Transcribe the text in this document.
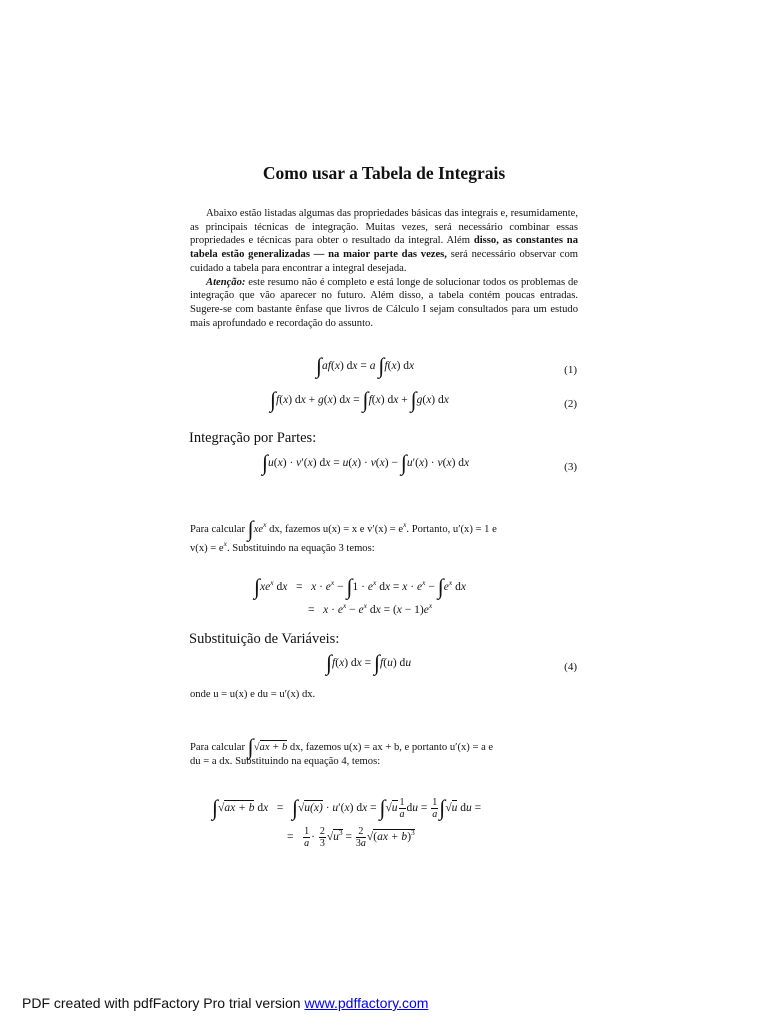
Como usar a Tabela de Integrais

Abaixo estão listadas algumas das propriedades básicas das integrais e, resumidamente, as principais técnicas de integração. Muitas vezes, será necessário combinar essas propriedades e técnicas para obter o resultado da integral. Além disso, as constantes na tabela estão generalizadas — na maior parte das vezes, será necessário observar com cuidado a tabela para encontrar a integral desejada.

Atenção: este resumo não é completo e está longe de solucionar todos os problemas de integração que vão aparecer no futuro. Além disso, a tabela contém poucas entradas. Sugere-se com bastante ênfase que livros de Cálculo I sejam consultados para um estudo mais aprofundado e recordação do assunto.

∫af(x) dx = a ∫f(x) dx	(1)
∫f(x) dx + g(x) dx = ∫f(x) dx + ∫g(x) dx	(2)
Integração por Partes:
∫u(x) · v′(x) dx = u(x) · v(x) − ∫u′(x) · v(x) dx	(3)
Para calcular $\int xe^x$ dx, fazemos u(x) = x e $v'(x) = e^x$. Portanto, u′(x) = 1 e
$v(x) = e^x$. Substituindo na equação 3 temos:
$\int xe^x$ dx   =   $x \cdot e^x - \int 1 \cdot e^x$ dx = $x \cdot e^x - \int e^x$ dx
=   $x \cdot e^x - e^x$ dx = $(x - 1)e^x$
Substituição de Variáveis:
∫f(x) dx = ∫f(u) du	(4)
onde u = u(x) e du = u′(x) dx.
Para calcular ∫√ax + b dx, fazemos u(x) = ax + b, e portanto u′(x) = a e
du = a dx. Substituindo na equação 4, temos:
∫√ax + b dx   =   ∫√u(x) · u′(x) dx = $\int√u \frac{1}{a}$ du = $\frac{1}{a} \int√u$ du =
= $\frac{1}{a} \cdot \frac{2}{3} √u^3 = \frac{2}{3a} √(ax + b)^3$
PDF created with pdfFactory Pro trial version www.pdffactory.com
